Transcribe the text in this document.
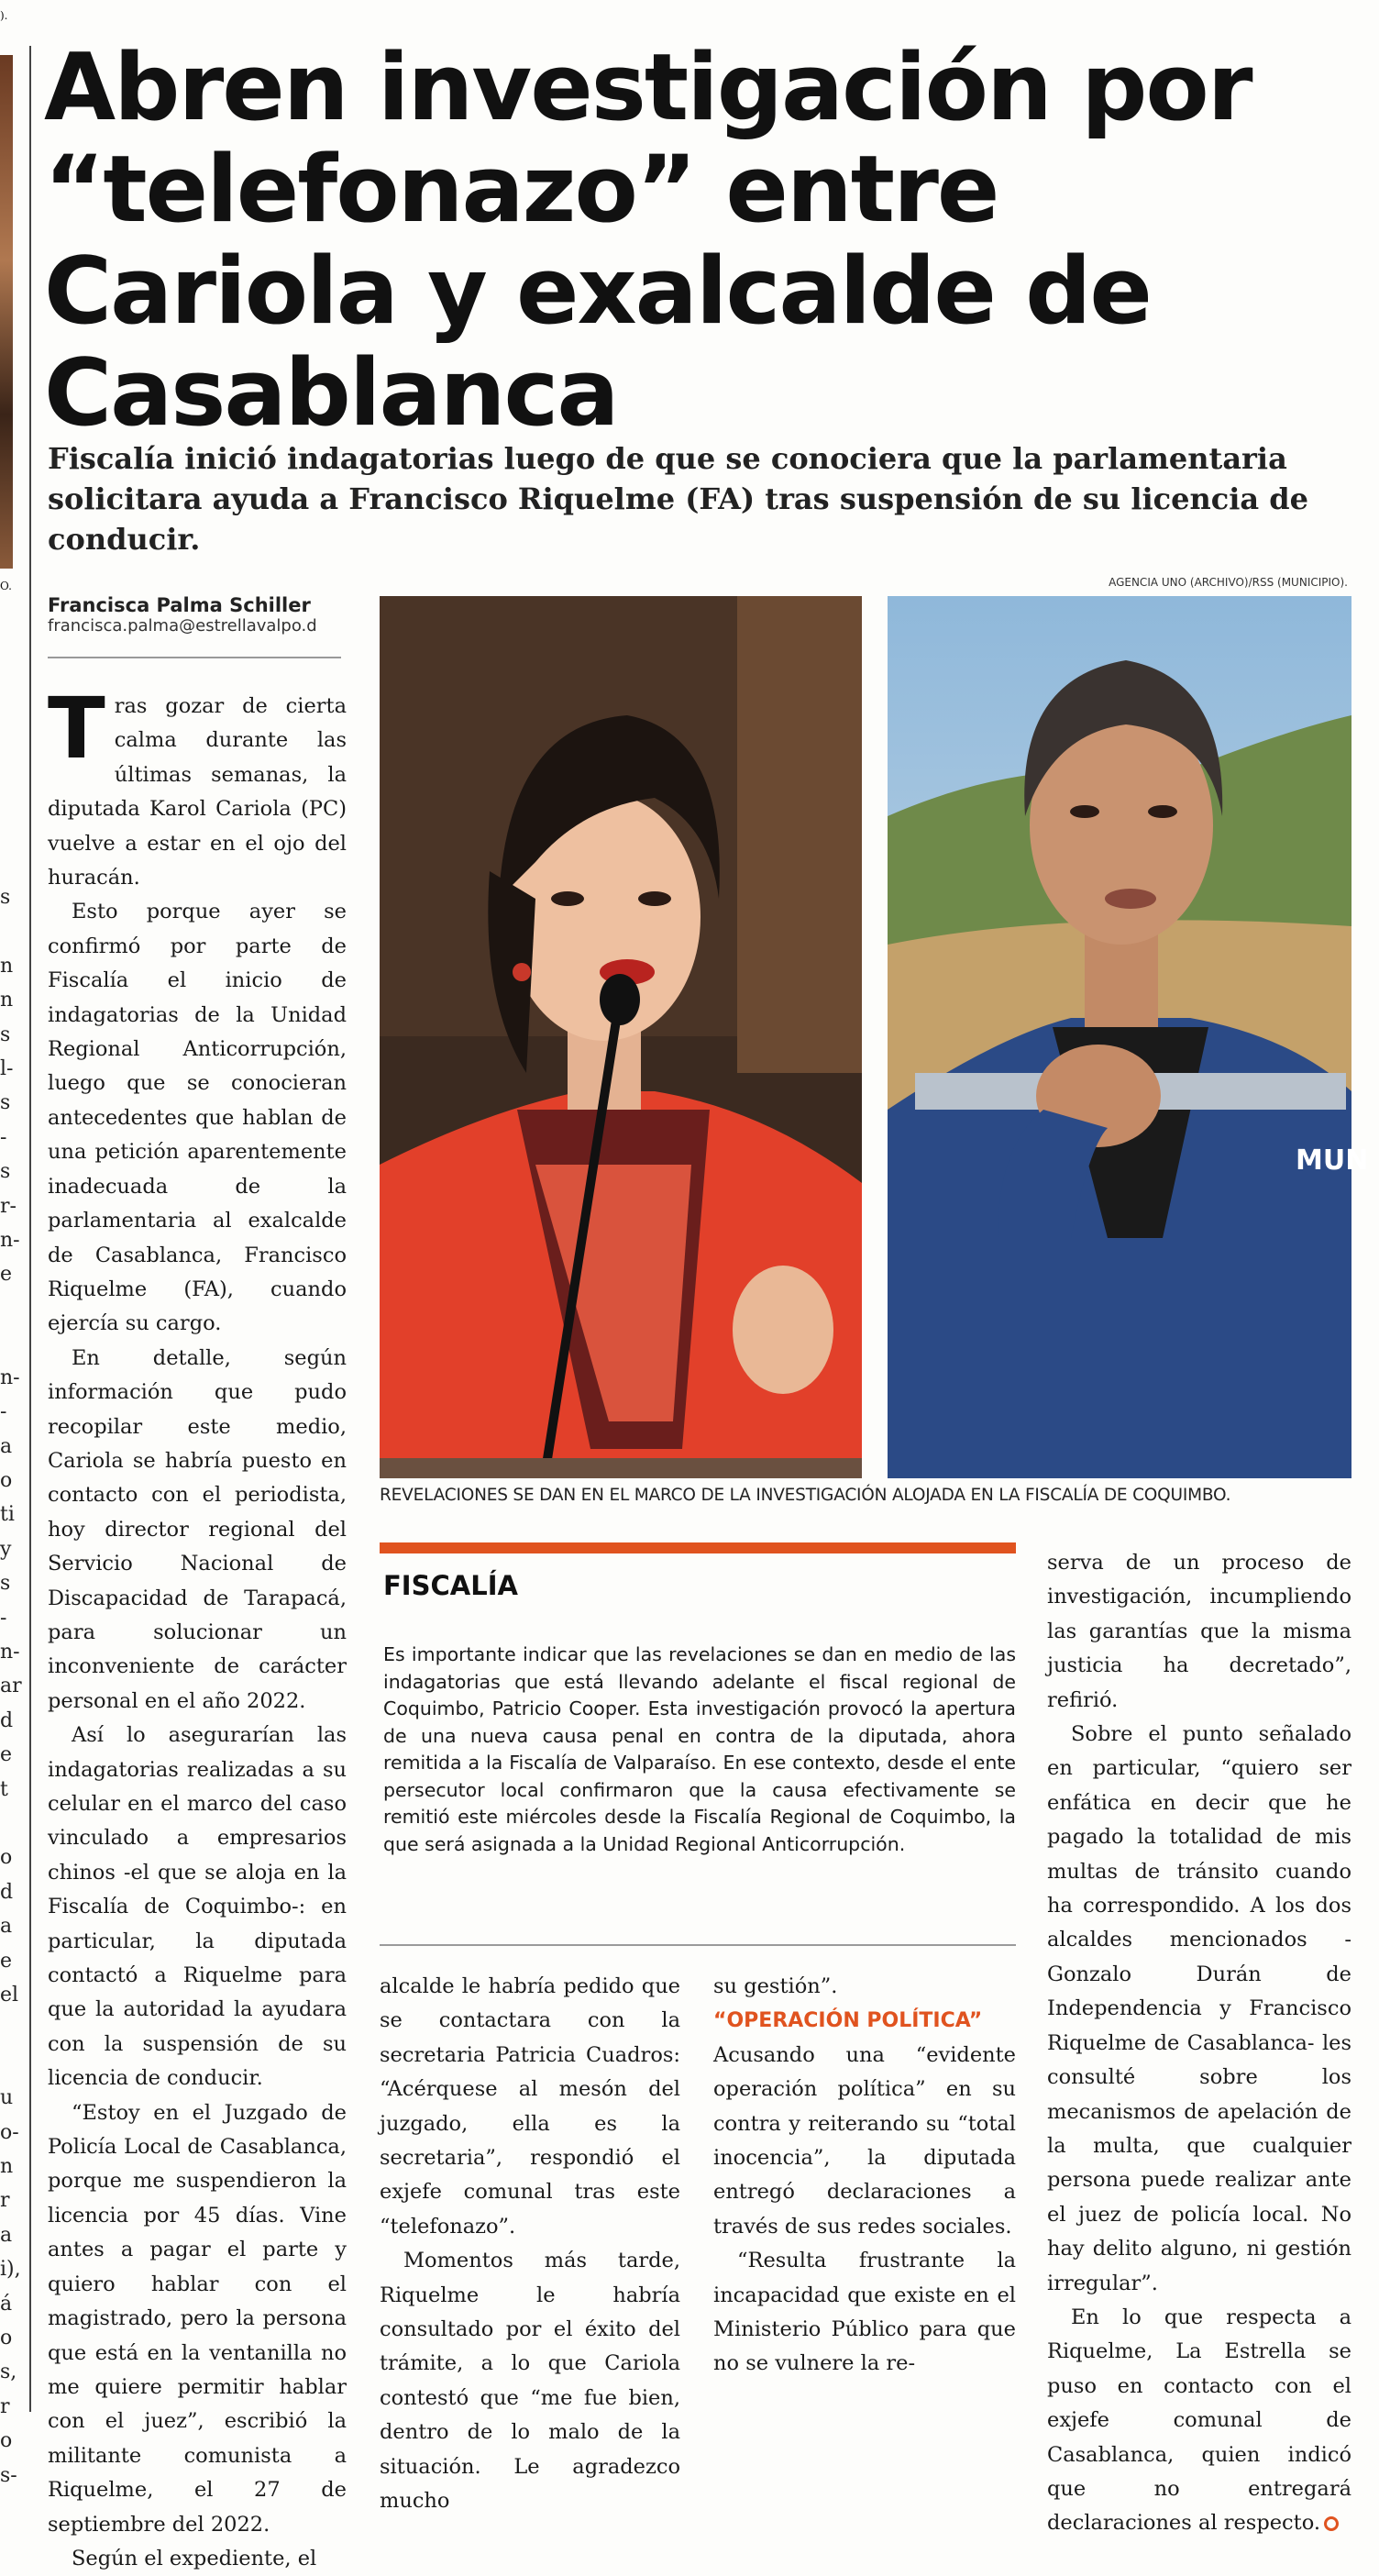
).
O.
s

n
n
s
l-
s
-
s
r-
n-
e

n-
-
a
o
ti
y
s
-
n-
ar
d
e
t

o
d
a
e
el

u
o-
n
r
a
i),
á
o
s,
r
o
s-
Abren investigación por “telefonazo” entre Cariola y exalcalde de Casablanca
Fiscalía inició indagatorias luego de que se conociera que la parlamentaria solicitara ayuda a Francisco Riquelme (FA) tras suspensión de su licencia de conducir.
AGENCIA UNO (ARCHIVO)/RSS (MUNICIPIO).
Francisca Palma Schiller
francisca.palma@estrellavalpo.d

Tras gozar de cierta calma durante las últimas semanas, la diputada Karol Cariola (PC) vuelve a estar en el ojo del huracán.

Esto porque ayer se confirmó por parte de Fiscalía el inicio de indagatorias de la Unidad Regional Anticorrupción, luego que se conocieran antecedentes que hablan de una petición aparentemente inadecuada de la parlamentaria al exalcalde de Casablanca, Francisco Riquelme (FA), cuando ejercía su cargo.

En detalle, según información que pudo recopilar este medio, Cariola se habría puesto en contacto con el periodista, hoy director regional del Servicio Nacional de Discapacidad de Tarapacá, para solucionar un inconveniente de carácter personal en el año 2022.

Así lo asegurarían las indagatorias realizadas a su celular en el marco del caso vinculado a empresarios chinos -el que se aloja en la Fiscalía de Coquimbo-: en particular, la diputada contactó a Riquelme para que la autoridad la ayudara con la suspensión de su licencia de conducir.

“Estoy en el Juzgado de Policía Local de Casablanca, porque me suspendieron la licencia por 45 días. Vine antes a pagar el parte y quiero hablar con el magistrado, pero la persona que está en la ventanilla no me quiere permitir hablar con el juez”, escribió la militante comunista a Riquelme, el 27 de septiembre del 2022.

Según el expediente, el

MUN
REVELACIONES SE DAN EN EL MARCO DE LA INVESTIGACIÓN ALOJADA EN LA FISCALÍA DE COQUIMBO.
FISCALÍA
Es importante indicar que las revelaciones se dan en medio de las indagatorias que está llevando adelante el fiscal regional de Coquimbo, Patricio Cooper. Esta investigación provocó la apertura de una nueva causa penal en contra de la diputada, ahora remitida a la Fiscalía de Valparaíso. En ese contexto, desde el ente persecutor local confirmaron que la causa efectivamente se remitió este miércoles desde la Fiscalía Regional de Coquimbo, la que será asignada a la Unidad Regional Anticorrupción.

alcalde le habría pedido que se contactara con la secretaria Patricia Cuadros: “Acérquese al mesón del juzgado, ella es la secretaria”, respondió el exjefe comunal tras este “telefonazo”.

Momentos más tarde, Riquelme le habría consultado por el éxito del trámite, a lo que Cariola contestó que “me fue bien, dentro de lo malo de la situación. Le agradezco mucho

su gestión”.

“OPERACIÓN POLÍTICA”

Acusando una “evidente operación política” en su contra y reiterando su “total inocencia”, la diputada entregó declaraciones a través de sus redes sociales.

“Resulta frustrante la incapacidad que existe en el Ministerio Público para que no se vulnere la re-

serva de un proceso de investigación, incumpliendo las garantías que la misma justicia ha decretado”, refirió.

Sobre el punto señalado en particular, “quiero ser enfática en decir que he pagado la totalidad de mis multas de tránsito cuando ha correspondido. A los dos alcaldes mencionados -Gonzalo Durán de Independencia y Francisco Riquelme de Casablanca- les consulté sobre los mecanismos de apelación de la multa, que cualquier persona puede realizar ante el juez de policía local. No hay delito alguno, ni gestión irregular”.

En lo que respecta a Riquelme, La Estrella se puso en contacto con el exjefe comunal de Casablanca, quien indicó que no entregará declaraciones al respecto.
